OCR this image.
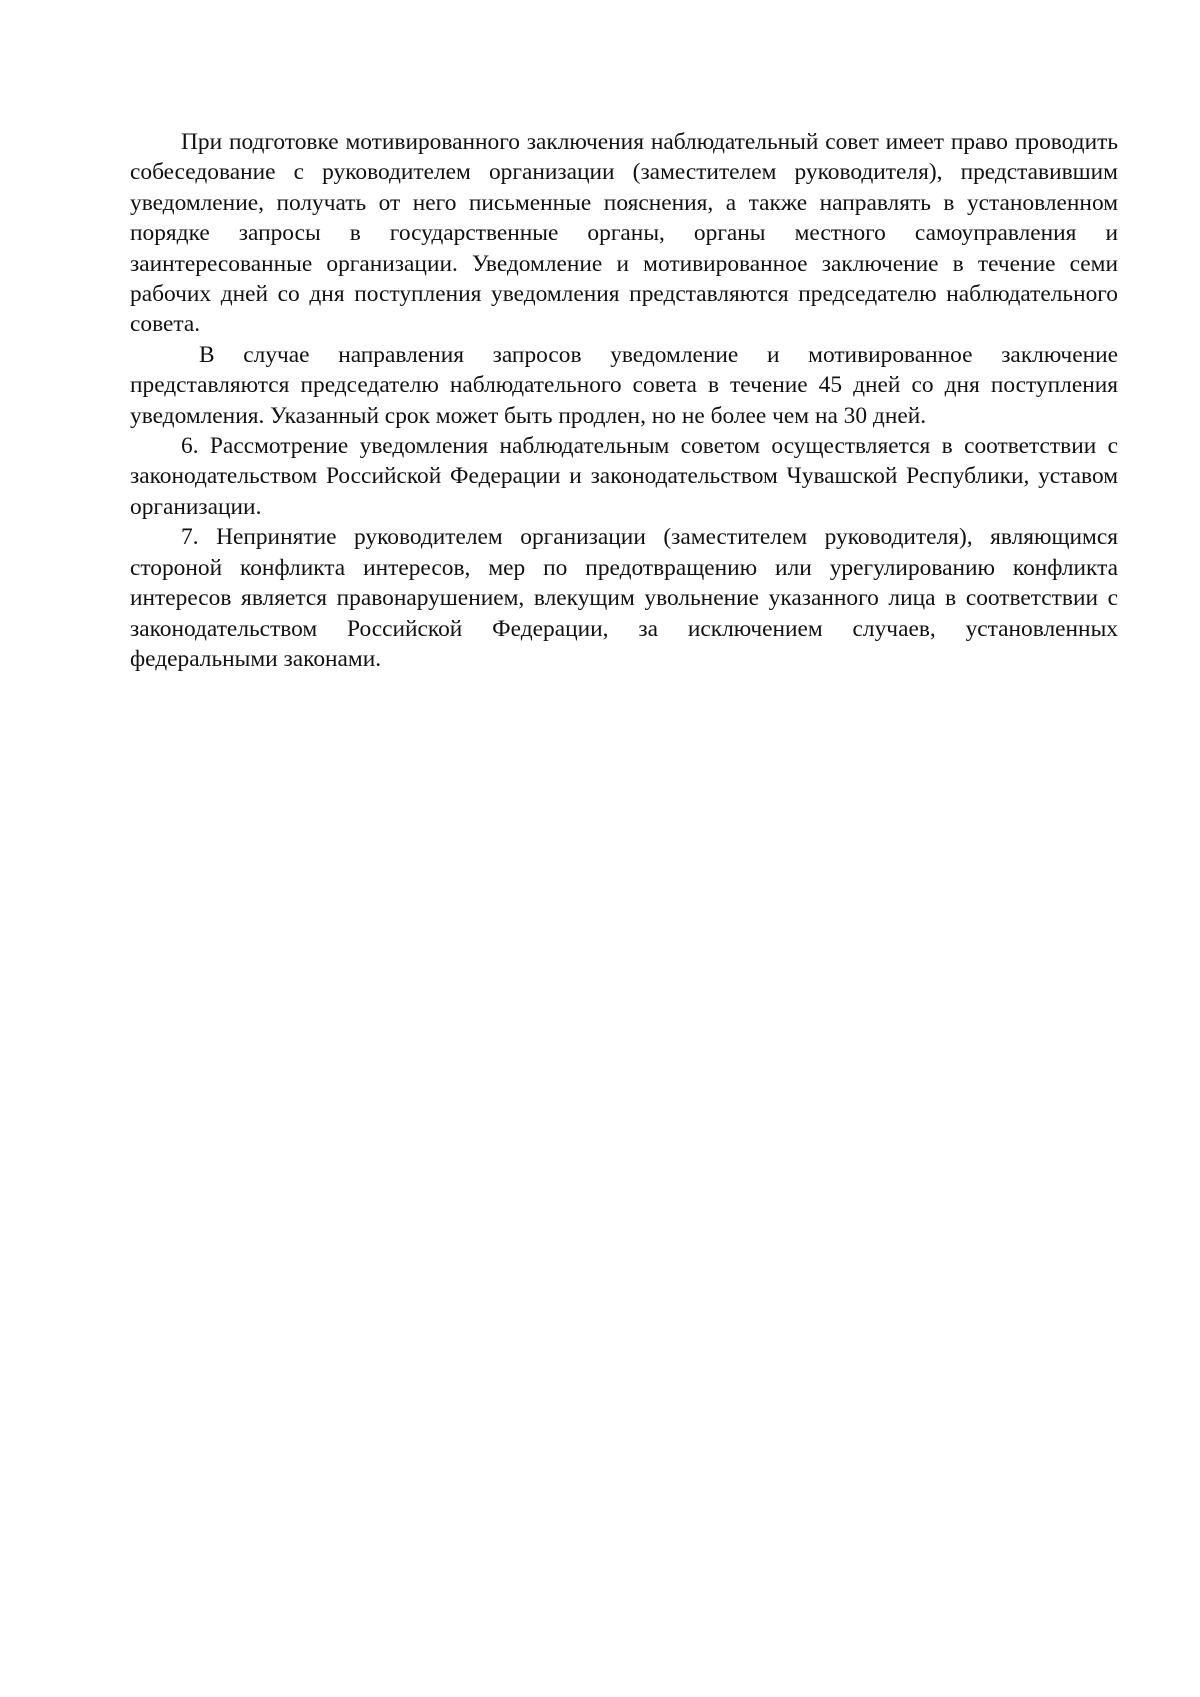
При подготовке мотивированного заключения наблюдательный совет имеет право проводить собеседование с руководителем организации (заместителем руководителя), представившим уведомление, получать от него письменные пояснения, а также направлять в установленном порядке запросы в государственные органы, органы местного самоуправления и заинтересованные организации. Уведомление и мотивированное заключение в течение семи рабочих дней со дня поступления уведомления представляются председателю наблюдательного совета.

В случае направления запросов уведомление и мотивированное заключение представляются председателю наблюдательного совета в течение 45 дней со дня поступления уведомления. Указанный срок может быть продлен, но не более чем на 30 дней.

6. Рассмотрение уведомления наблюдательным советом осуществляется в соответствии с законодательством Российской Федерации и законодательством Чувашской Республики, уставом организации.

7. Непринятие руководителем организации (заместителем руководителя), являющимся стороной конфликта интересов, мер по предотвращению или урегулированию конфликта интересов является правонарушением, влекущим увольнение указанного лица в соответствии с законодательством Российской Федерации, за исключением случаев, установленных федеральными законами.
